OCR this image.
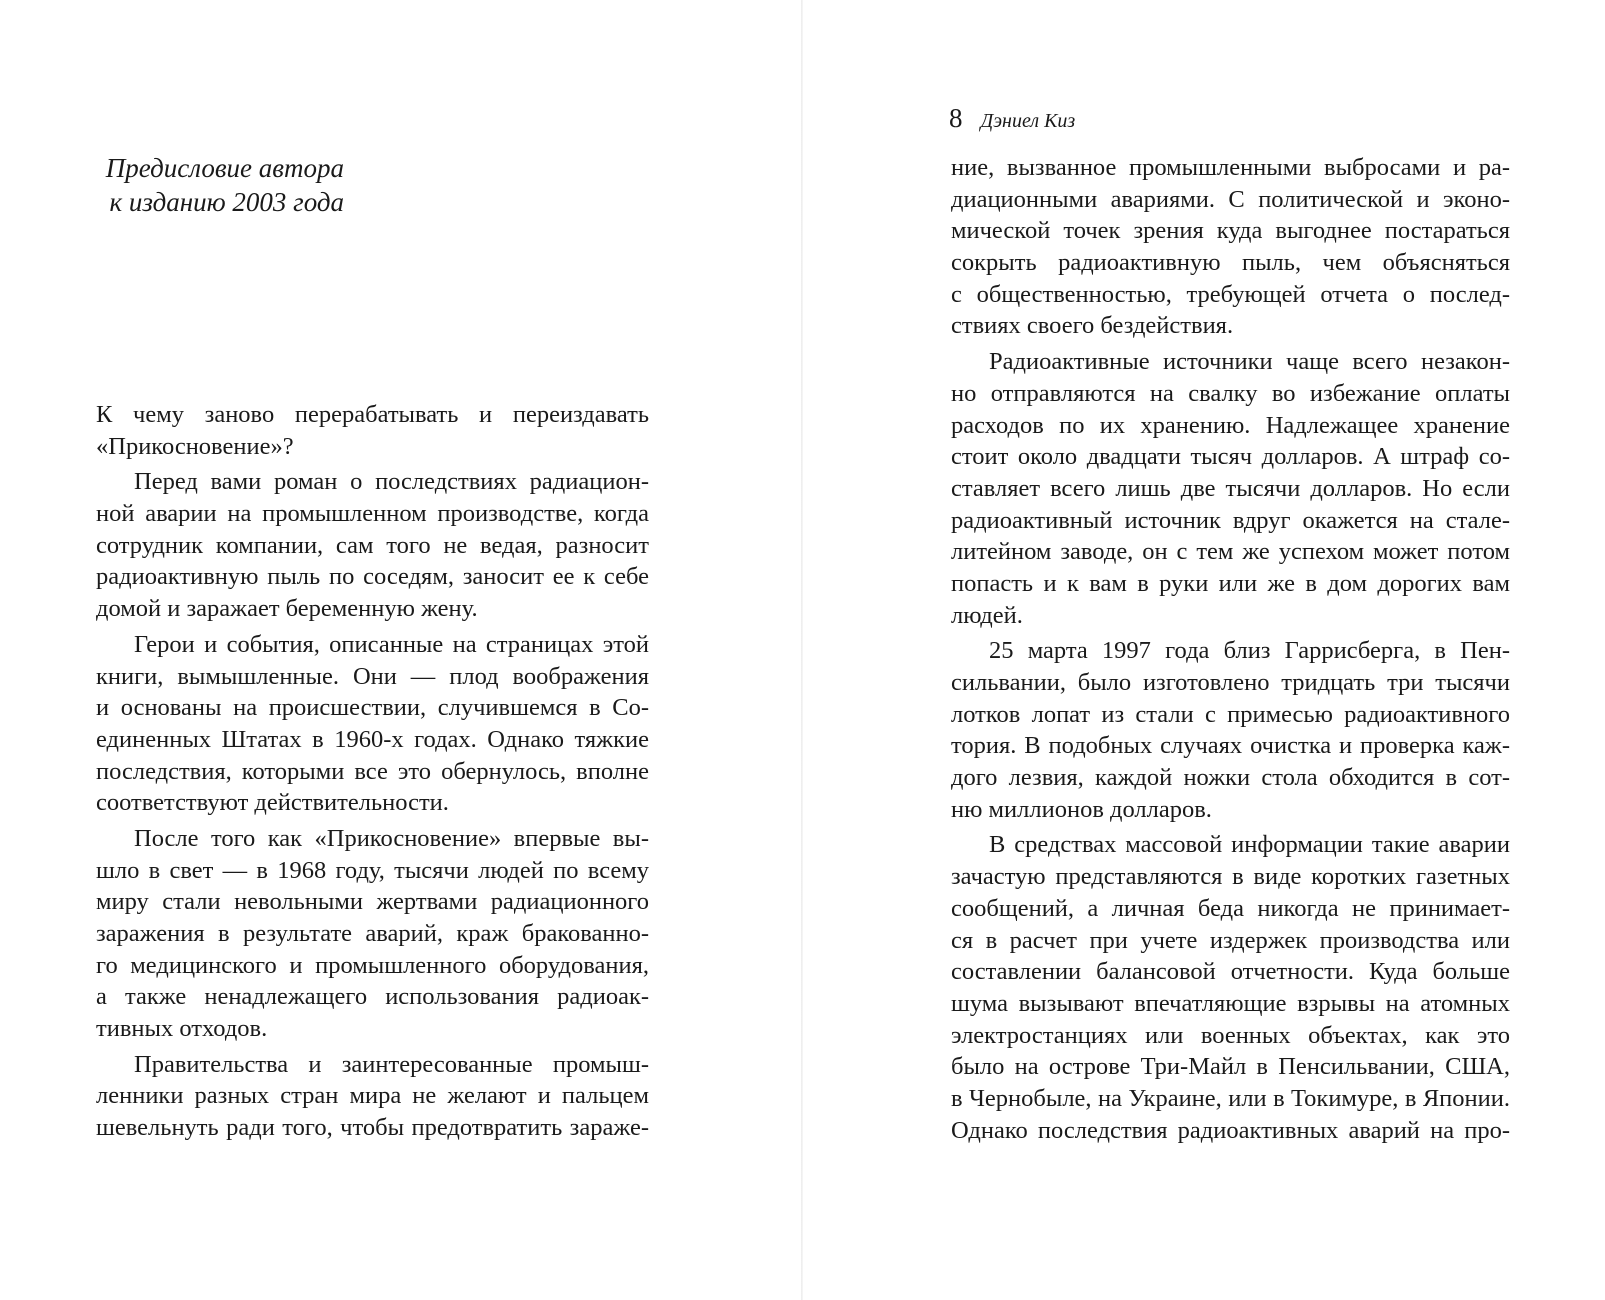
Предисловие автора
к изданию 2003 года
К чему заново перерабатывать и переиздавать
«Прикосновение»?
Перед вами роман о последствиях радиацион-
ной аварии на промышленном производстве, когда
сотрудник компании, сам того не ведая, разносит
радиоактивную пыль по соседям, заносит ее к себе
домой и заражает беременную жену.
Герои и события, описанные на страницах этой
книги, вымышленные. Они — плод воображения
и основаны на происшествии, случившемся в Со-
единенных Штатах в 1960-х годах. Однако тяжкие
последствия, которыми все это обернулось, вполне
соответствуют действительности.
После того как «Прикосновение» впервые вы-
шло в свет — в 1968 году, тысячи людей по всему
миру стали невольными жертвами радиационного
заражения в результате аварий, краж бракованно-
го медицинского и промышленного оборудования,
а также ненадлежащего использования радиоак-
тивных отходов.
Правительства и заинтересованные промыш-
ленники разных стран мира не желают и пальцем
шевельнуть ради того, чтобы предотвратить зараже-
8 Дэниел Киз
ние, вызванное промышленными выбросами и ра-
диационными авариями. С политической и эконо-
мической точек зрения куда выгоднее постараться
сокрыть радиоактивную пыль, чем объясняться
с общественностью, требующей отчета о послед-
ствиях своего бездействия.
Радиоактивные источники чаще всего незакон-
но отправляются на свалку во избежание оплаты
расходов по их хранению. Надлежащее хранение
стоит около двадцати тысяч долларов. А штраф со-
ставляет всего лишь две тысячи долларов. Но если
радиоактивный источник вдруг окажется на стале-
литейном заводе, он с тем же успехом может потом
попасть и к вам в руки или же в дом дорогих вам
людей.
25 марта 1997 года близ Гаррисберга, в Пен-
сильвании, было изготовлено тридцать три тысячи
лотков лопат из стали с примесью радиоактивного
тория. В подобных случаях очистка и проверка каж-
дого лезвия, каждой ножки стола обходится в сот-
ню миллионов долларов.
В средствах массовой информации такие аварии
зачастую представляются в виде коротких газетных
сообщений, а личная беда никогда не принимает-
ся в расчет при учете издержек производства или
составлении балансовой отчетности. Куда больше
шума вызывают впечатляющие взрывы на атомных
электростанциях или военных объектах, как это
было на острове Три-Майл в Пенсильвании, США,
в Чернобыле, на Украине, или в Токимуре, в Японии.
Однако последствия радиоактивных аварий на про-
